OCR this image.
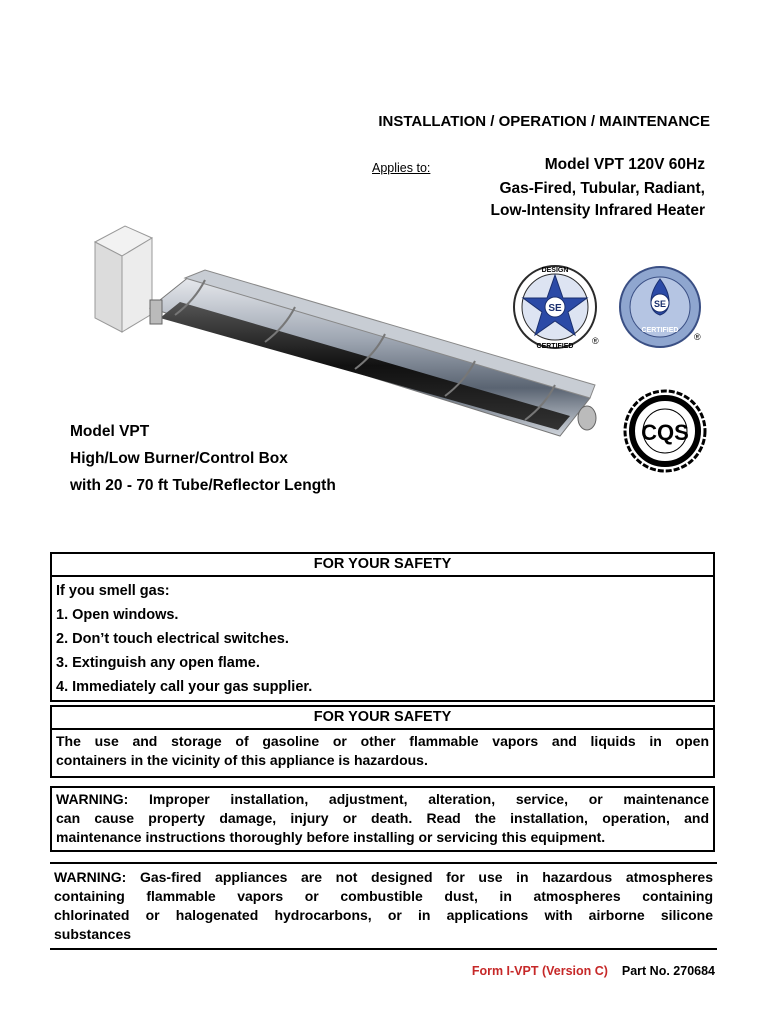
INSTALLATION / OPERATION / MAINTENANCE
Applies to:	Model VPT 120V 60Hz
Gas-Fired, Tubular, Radiant,
Low-Intensity Infrared Heater
SE
DESIGN
CERTIFIED
®
SE
CERTIFIED
®
CQS
Model VPT
High/Low Burner/Control Box
with 20 - 70 ft Tube/Reflector Length
FOR YOUR SAFETY
If you smell gas:
1. Open windows.
2. Don’t touch electrical switches.
3. Extinguish any open flame.
4. Immediately call your gas supplier.
FOR YOUR SAFETY
The use and storage of gasoline or other flammable vapors and liquids in open
containers in the vicinity of this appliance is hazardous.
WARNING: Improper installation, adjustment, alteration, service, or maintenance
can cause property damage, injury or death. Read the installation, operation, and
maintenance instructions thoroughly before installing or servicing this equipment.
WARNING: Gas-fired appliances are not designed for use in hazardous atmospheres
containing flammable vapors or combustible dust, in atmospheres containing
chlorinated or halogenated hydrocarbons, or in applications with airborne silicone
substances
Form I-VPT (Version C) Part No. 270684
